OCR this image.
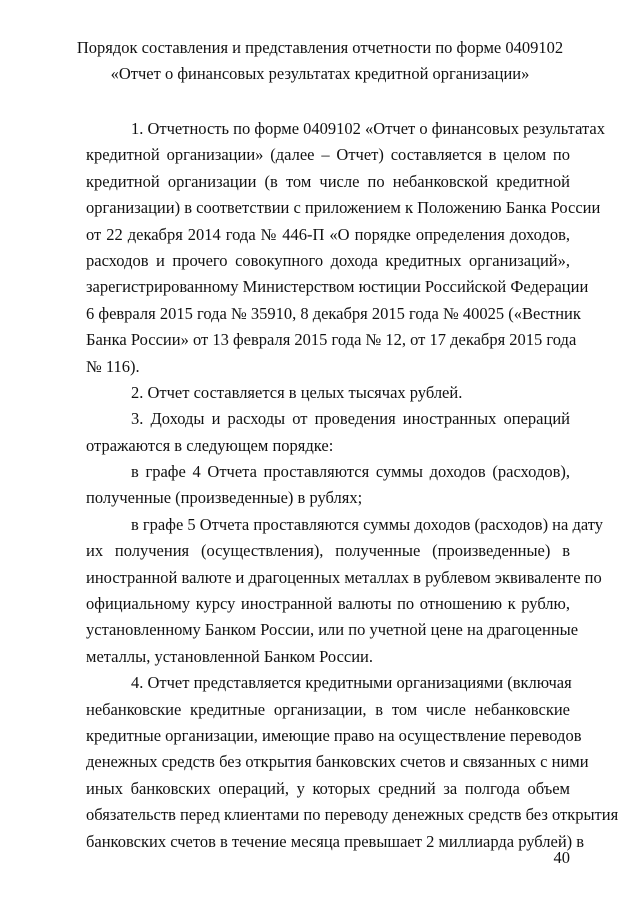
Порядок составления и представления отчетности по форме 0409102
«Отчет о финансовых результатах кредитной организации»
1. Отчетность по форме 0409102 «Отчет о финансовых результатах
кредитной организации» (далее – Отчет) составляется в целом по
кредитной организации (в том числе по небанковской кредитной
организации) в соответствии с приложением к Положению Банка России
от 22 декабря 2014 года № 446-П «О порядке определения доходов,
расходов и прочего совокупного дохода кредитных организаций»,
зарегистрированному Министерством юстиции Российской Федерации
6 февраля 2015 года № 35910, 8 декабря 2015 года № 40025 («Вестник
Банка России» от 13 февраля 2015 года № 12, от 17 декабря 2015 года
№ 116).
2. Отчет составляется в целых тысячах рублей.
3. Доходы и расходы от проведения иностранных операций
отражаются в следующем порядке:
в графе 4 Отчета проставляются суммы доходов (расходов),
полученные (произведенные) в рублях;
в графе 5 Отчета проставляются суммы доходов (расходов) на дату
их получения (осуществления), полученные (произведенные) в
иностранной валюте и драгоценных металлах в рублевом эквиваленте по
официальному курсу иностранной валюты по отношению к рублю,
установленному Банком России, или по учетной цене на драгоценные
металлы, установленной Банком России.
4. Отчет представляется кредитными организациями (включая
небанковские кредитные организации, в том числе небанковские
кредитные организации, имеющие право на осуществление переводов
денежных средств без открытия банковских счетов и связанных с ними
иных банковских операций, у которых средний за полгода объем
обязательств перед клиентами по переводу денежных средств без открытия
банковских счетов в течение месяца превышает 2 миллиарда рублей) в
40
